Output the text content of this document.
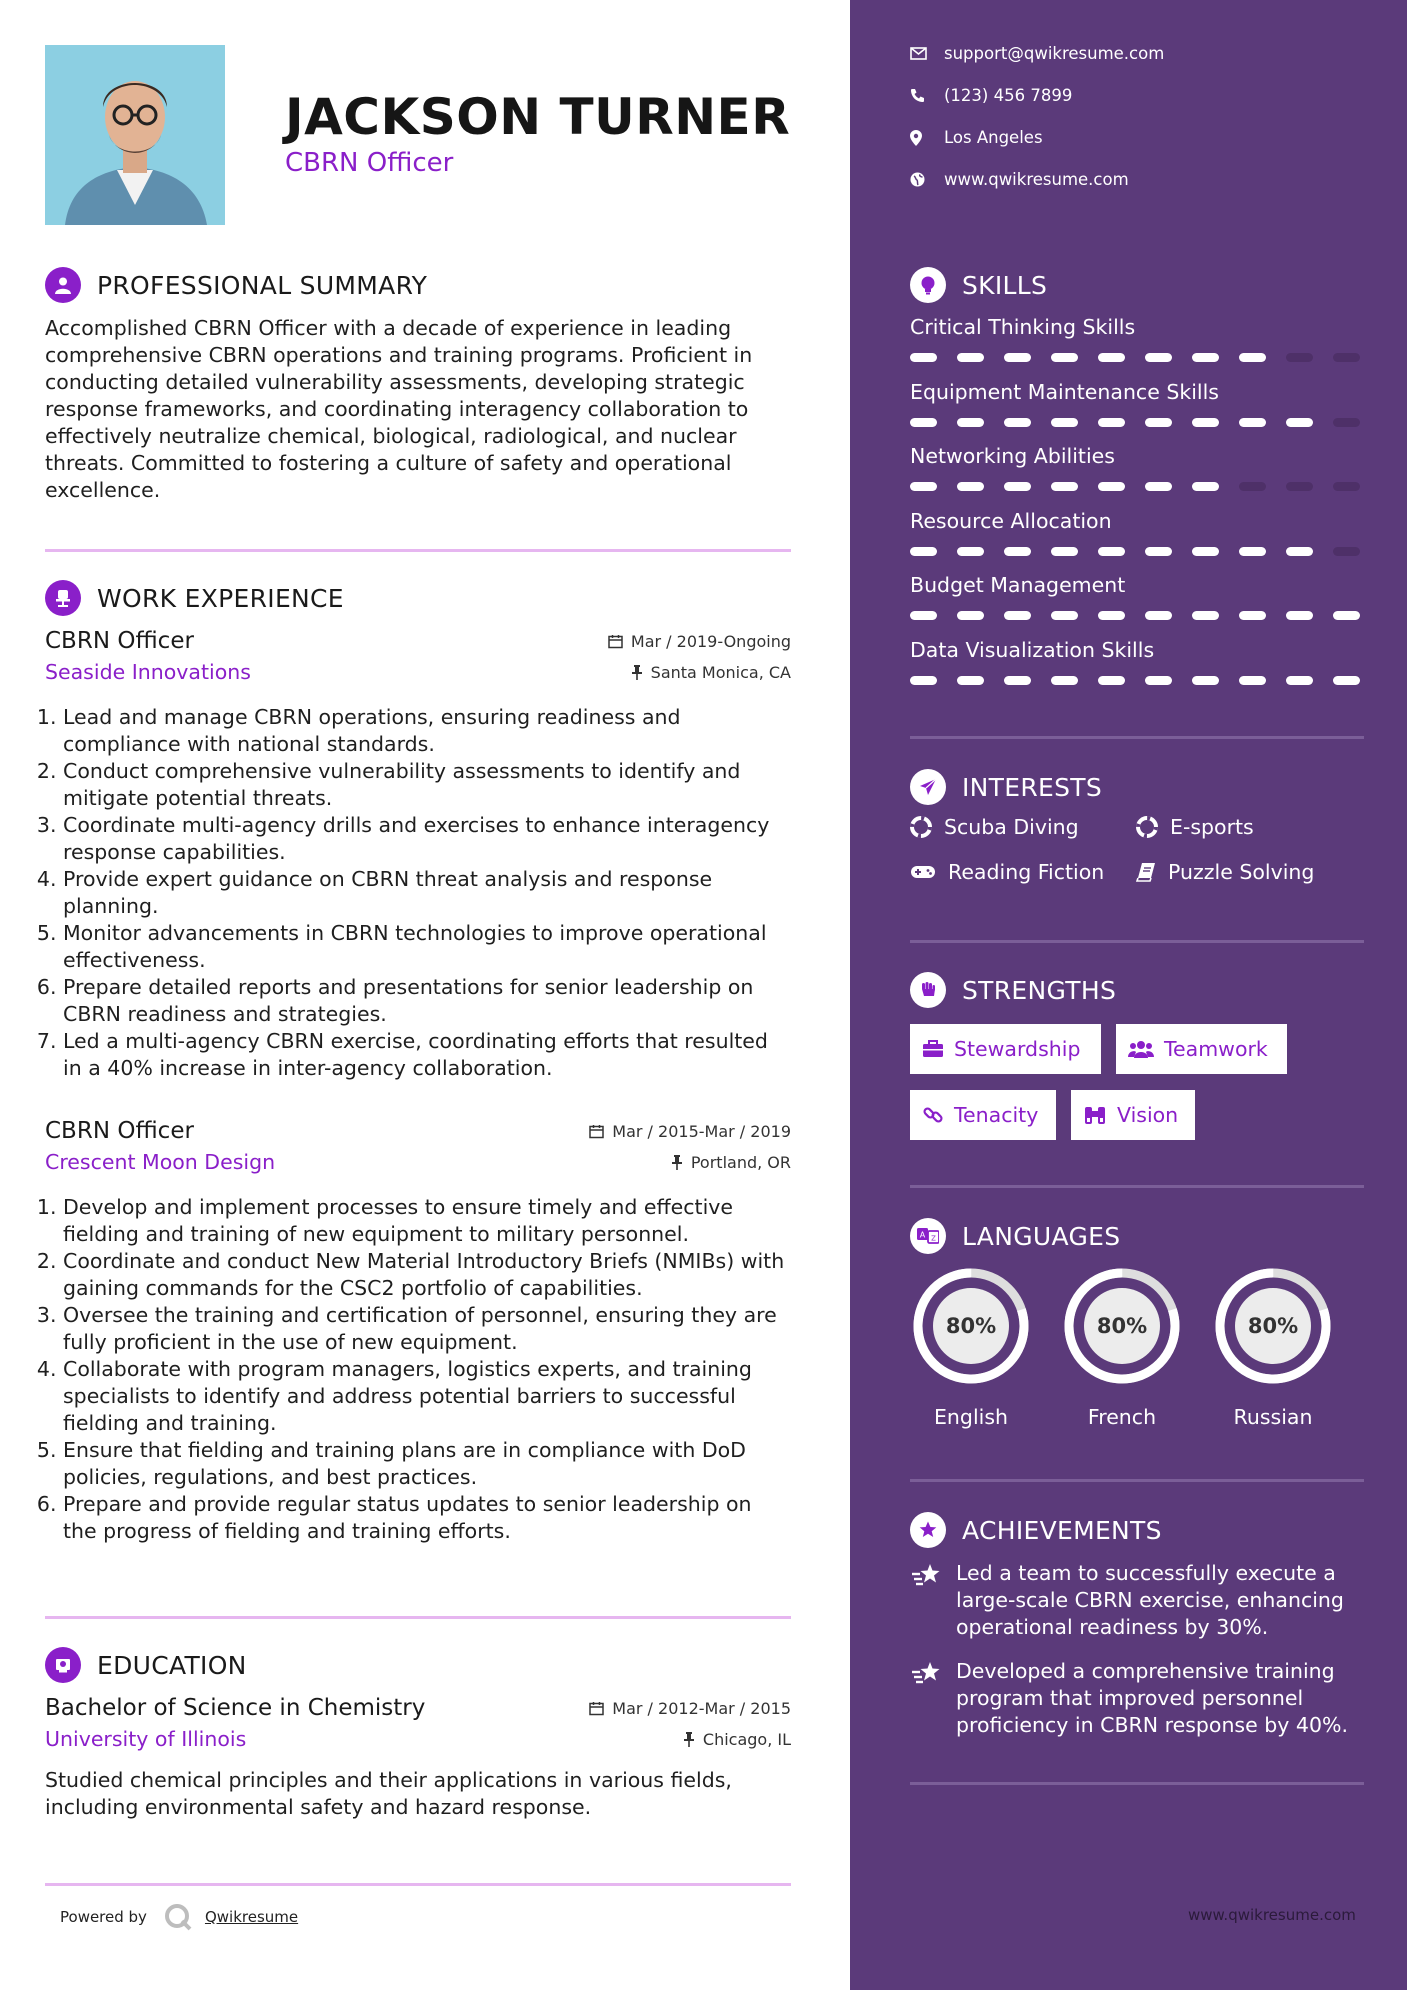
JACKSON TURNER
CBRN Officer
PROFESSIONAL SUMMARY
Accomplished CBRN Officer with a decade of experience in leading comprehensive CBRN operations and training programs. Proficient in conducting detailed vulnerability assessments, developing strategic response frameworks, and coordinating interagency collaboration to effectively neutralize chemical, biological, radiological, and nuclear threats. Committed to fostering a culture of safety and operational excellence.
WORK EXPERIENCE
CBRN Officer	Mar / 2019-Ongoing
Seaside Innovations	Santa Monica, CA
1. Lead and manage CBRN operations, ensuring readiness and compliance with national standards.
2. Conduct comprehensive vulnerability assessments to identify and mitigate potential threats.
3. Coordinate multi-agency drills and exercises to enhance interagency response capabilities.
4. Provide expert guidance on CBRN threat analysis and response planning.
5. Monitor advancements in CBRN technologies to improve operational effectiveness.
6. Prepare detailed reports and presentations for senior leadership on CBRN readiness and strategies.
7. Led a multi-agency CBRN exercise, coordinating efforts that resulted in a 40% increase in inter-agency collaboration.
CBRN Officer	Mar / 2015-Mar / 2019
Crescent Moon Design	Portland, OR
1. Develop and implement processes to ensure timely and effective fielding and training of new equipment to military personnel.
2. Coordinate and conduct New Material Introductory Briefs (NMIBs) with gaining commands for the CSC2 portfolio of capabilities.
3. Oversee the training and certification of personnel, ensuring they are fully proficient in the use of new equipment.
4. Collaborate with program managers, logistics experts, and training specialists to identify and address potential barriers to successful fielding and training.
5. Ensure that fielding and training plans are in compliance with DoD policies, regulations, and best practices.
6. Prepare and provide regular status updates to senior leadership on the progress of fielding and training efforts.
EDUCATION
Bachelor of Science in Chemistry	Mar / 2012-Mar / 2015
University of Illinois	Chicago, IL
Studied chemical principles and their applications in various fields, including environmental safety and hazard response.
Powered by	Qwikresume
support@qwikresume.com
(123) 456 7899
Los Angeles
www.qwikresume.com
SKILLS
Critical Thinking Skills
Equipment Maintenance Skills
Networking Abilities
Resource Allocation
Budget Management
Data Visualization Skills
INTERESTS
Scuba Diving	E-sports
Reading Fiction	Puzzle Solving
STRENGTHS
Stewardship	Teamwork
Tenacity	Vision
A Z LANGUAGES
80%
English
80%
French
80%
Russian
ACHIEVEMENTS
Led a team to successfully execute a large-scale CBRN exercise, enhancing operational readiness by 30%.
Developed a comprehensive training program that improved personnel proficiency in CBRN response by 40%.
www.qwikresume.com
